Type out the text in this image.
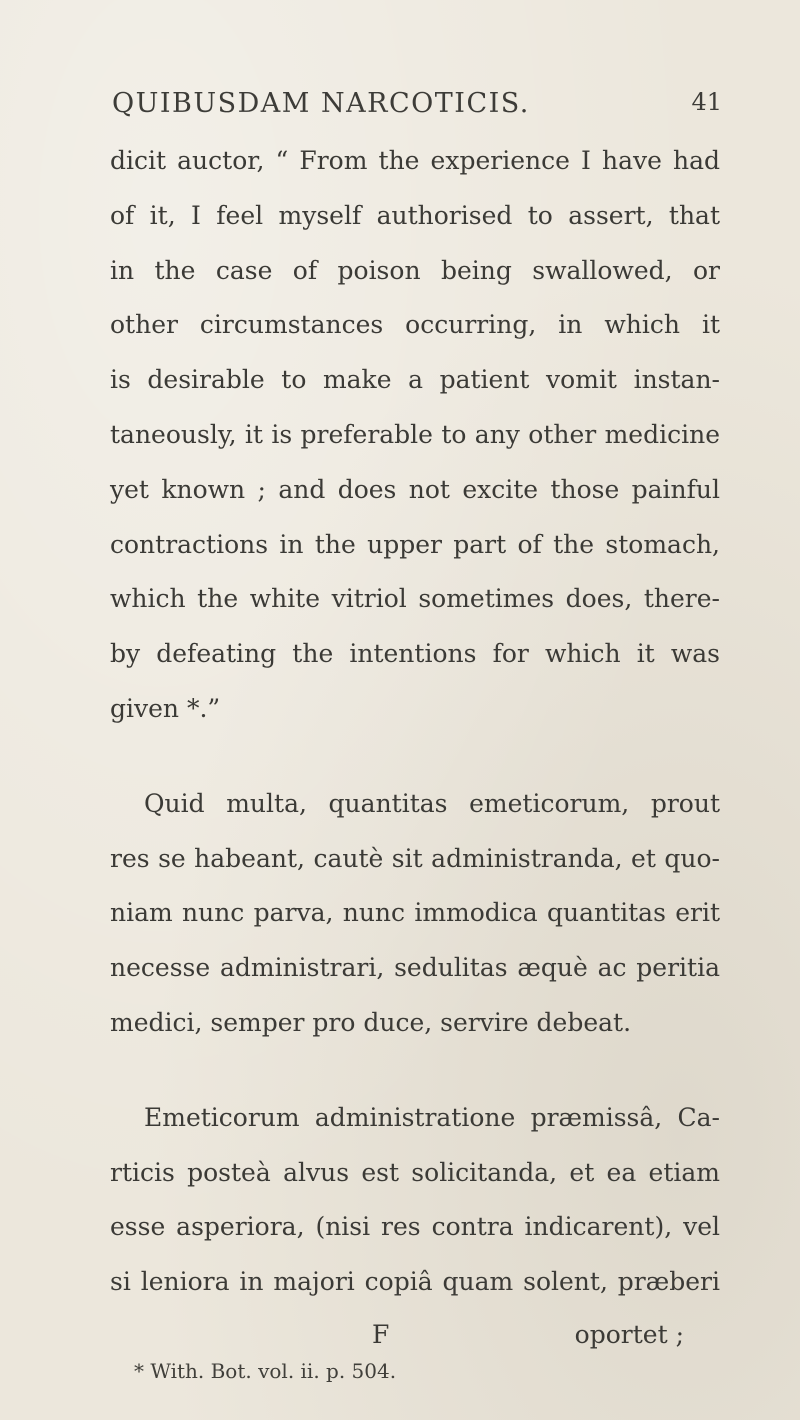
QUIBUSDAM NARCOTICIS.	41
dicit auctor, “ From the experience I have had
of it, I feel myself authorised to assert, that
in the case of poison being swallowed, or
other circumstances occurring, in which it
is desirable to make a patient vomit instan-
taneously, it is preferable to any other medicine
yet known ; and does not excite those painful
contractions in the upper part of the stomach,
which the white vitriol sometimes does, there-
by defeating the intentions for which it was
given *.”
Quid multa, quantitas emeticorum, prout
res se habeant, cautè sit administranda, et quo-
niam nunc parva, nunc immodica quantitas erit
necesse administrari, sedulitas æquè ac peritia
medici, semper pro duce, servire debeat.
Emeticorum administratione præmissâ, Ca-
rticis posteà alvus est solicitanda, et ea etiam
esse asperiora, (nisi res contra indicarent), vel
si leniora in majori copiâ quam solent, præberi
F	oportet ;
* With. Bot. vol. ii. p. 504.
